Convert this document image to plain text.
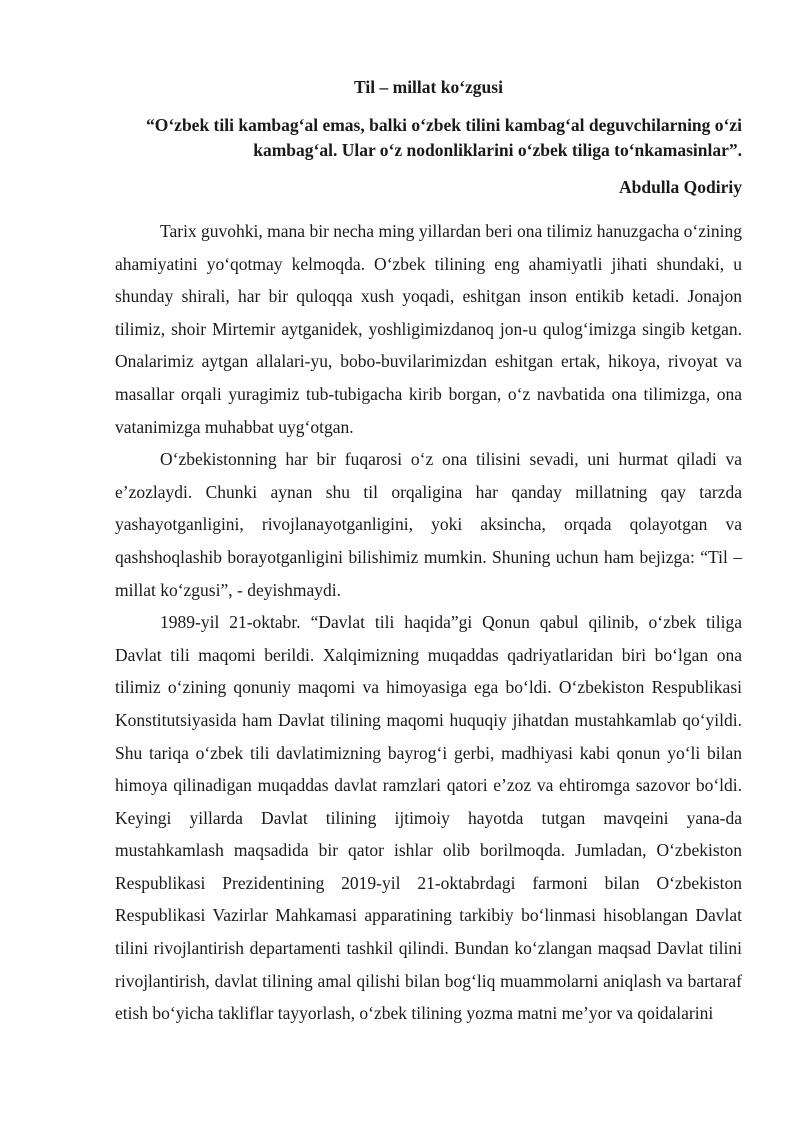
Til – millat ko‘zgusi
“O‘zbek tili kambag‘al emas, balki o‘zbek tilini kambag‘al deguvchilarning o‘zi kambag‘al. Ular o‘z nodonliklarini o‘zbek tiliga to‘nkamasinlar”.
Abdulla Qodiriy

Tarix guvohki, mana bir necha ming yillardan beri ona tilimiz hanuzgacha o‘zining ahamiyatini yo‘qotmay kelmoqda. O‘zbek tilining eng ahamiyatli jihati shundaki, u shunday shirali, har bir quloqqa xush yoqadi, eshitgan inson entikib ketadi. Jonajon tilimiz, shoir Mirtemir aytganidek, yoshligimizdanoq jon-u qulog‘imizga singib ketgan. Onalarimiz aytgan allalari-yu, bobo-buvilarimizdan eshitgan ertak, hikoya, rivoyat va masallar orqali yuragimiz tub-tubigacha kirib borgan, o‘z navbatida ona tilimizga, ona vatanimizga muhabbat uyg‘otgan.

O‘zbekistonning har bir fuqarosi o‘z ona tilisini sevadi, uni hurmat qiladi va e’zozlaydi. Chunki aynan shu til orqaligina har qanday millatning qay tarzda yashayotganligini, rivojlanayotganligini, yoki aksincha, orqada qolayotgan va qashshoqlashib borayotganligini bilishimiz mumkin. Shuning uchun ham bejizga: “Til – millat ko‘zgusi”, - deyishmaydi.

1989-yil 21-oktabr. “Davlat tili haqida”gi Qonun qabul qilinib, o‘zbek tiliga Davlat tili maqomi berildi. Xalqimizning muqaddas qadriyatlaridan biri bo‘lgan ona tilimiz o‘zining qonuniy maqomi va himoyasiga ega bo‘ldi. O‘zbekiston Respublikasi Konstitutsiyasida ham Davlat tilining maqomi huquqiy jihatdan mustahkamlab qo‘yildi. Shu tariqa o‘zbek tili davlatimizning bayrog‘i gerbi, madhiyasi kabi qonun yo‘li bilan himoya qilinadigan muqaddas davlat ramzlari qatori e’zoz va ehtiromga sazovor bo‘ldi. Keyingi yillarda Davlat tilining ijtimoiy hayotda tutgan mavqeini yana-da mustahkamlash maqsadida bir qator ishlar olib borilmoqda. Jumladan, O‘zbekiston Respublikasi Prezidentining 2019-yil 21-oktabrdagi farmoni bilan O‘zbekiston Respublikasi Vazirlar Mahkamasi apparatining tarkibiy bo‘linmasi hisoblangan Davlat tilini rivojlantirish departamenti tashkil qilindi. Bundan ko‘zlangan maqsad Davlat tilini rivojlantirish, davlat tilining amal qilishi bilan bog‘liq muammolarni aniqlash va bartaraf etish bo‘yicha takliflar tayyorlash, o‘zbek tilining yozma matni me’yor va qoidalarini
